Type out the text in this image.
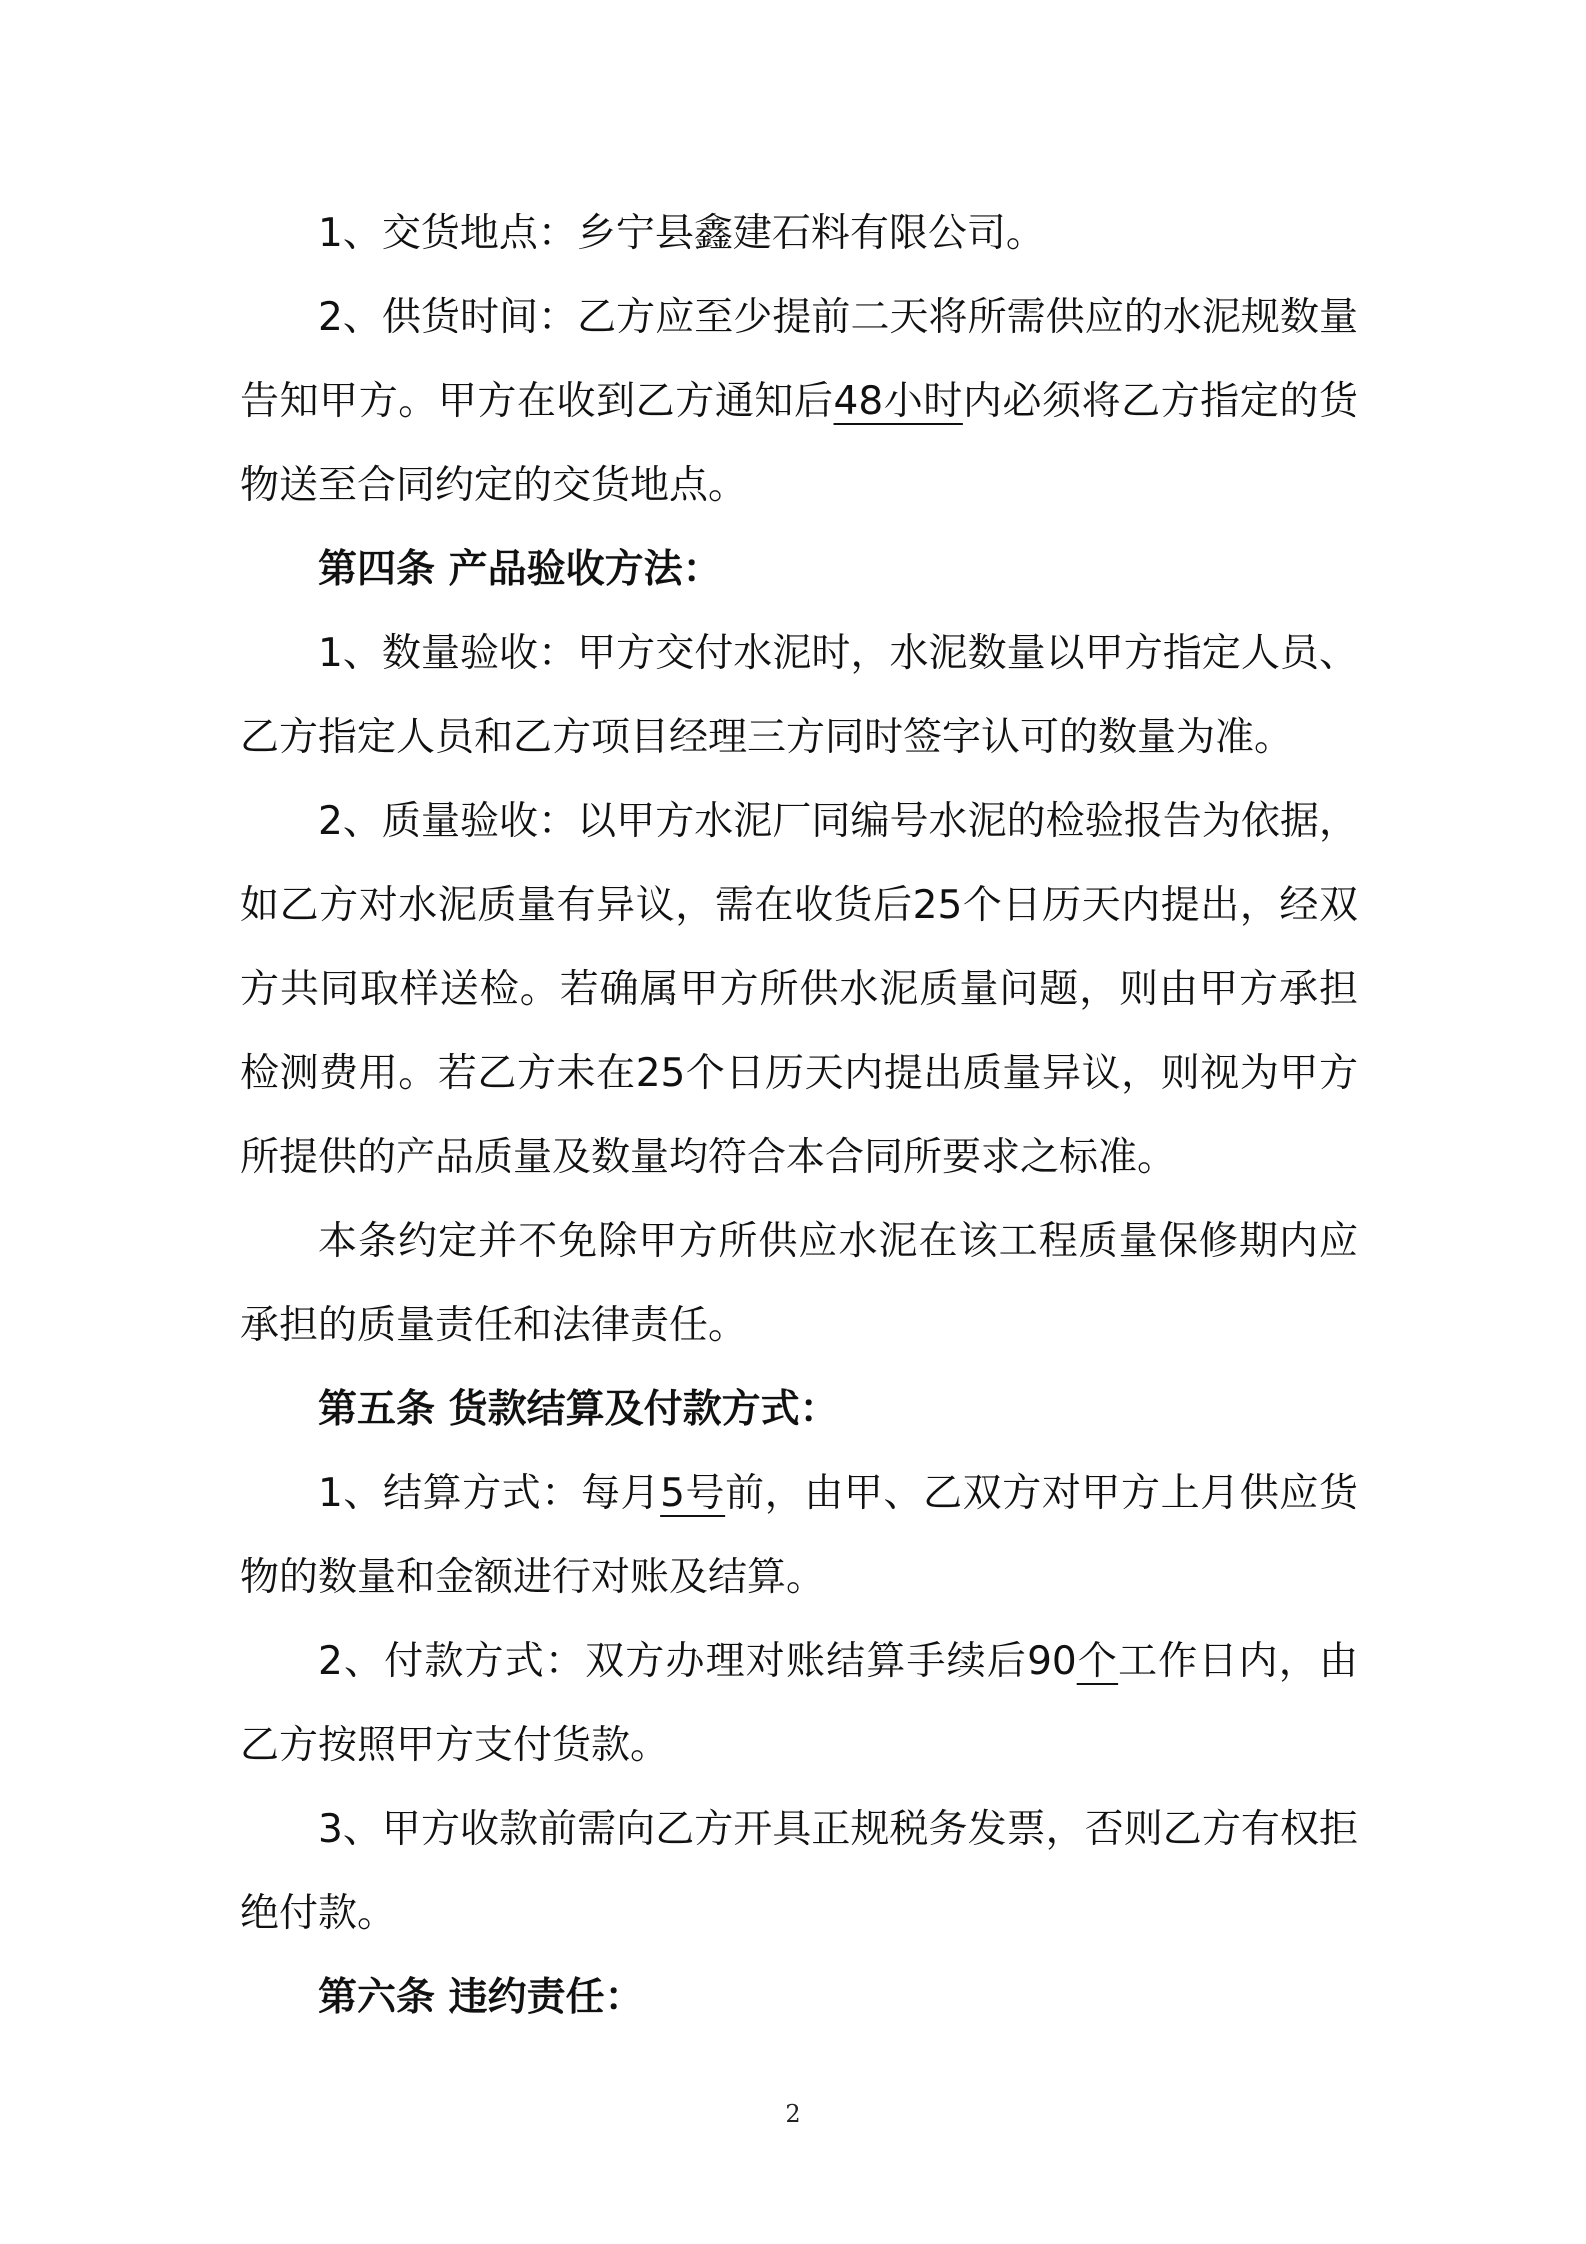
1、交货地点：乡宁县鑫建石料有限公司。

2、供货时间：乙方应至少提前二天将所需供应的水泥规数量告知甲方。甲方在收到乙方通知后48小时内必须将乙方指定的货物送至合同约定的交货地点。

第四条 产品验收方法：

1、数量验收：甲方交付水泥时，水泥数量以甲方指定人员、乙方指定人员和乙方项目经理三方同时签字认可的数量为准。

2、质量验收：以甲方水泥厂同编号水泥的检验报告为依据，如乙方对水泥质量有异议，需在收货后25个日历天内提出，经双方共同取样送检。若确属甲方所供水泥质量问题，则由甲方承担检测费用。若乙方未在25个日历天内提出质量异议，则视为甲方所提供的产品质量及数量均符合本合同所要求之标准。

本条约定并不免除甲方所供应水泥在该工程质量保修期内应承担的质量责任和法律责任。

第五条 货款结算及付款方式：

1、结算方式：每月5号前，由甲、乙双方对甲方上月供应货物的数量和金额进行对账及结算。

2、付款方式：双方办理对账结算手续后90个工作日内，由乙方按照甲方支付货款。

3、甲方收款前需向乙方开具正规税务发票，否则乙方有权拒绝付款。

第六条 违约责任：

2
